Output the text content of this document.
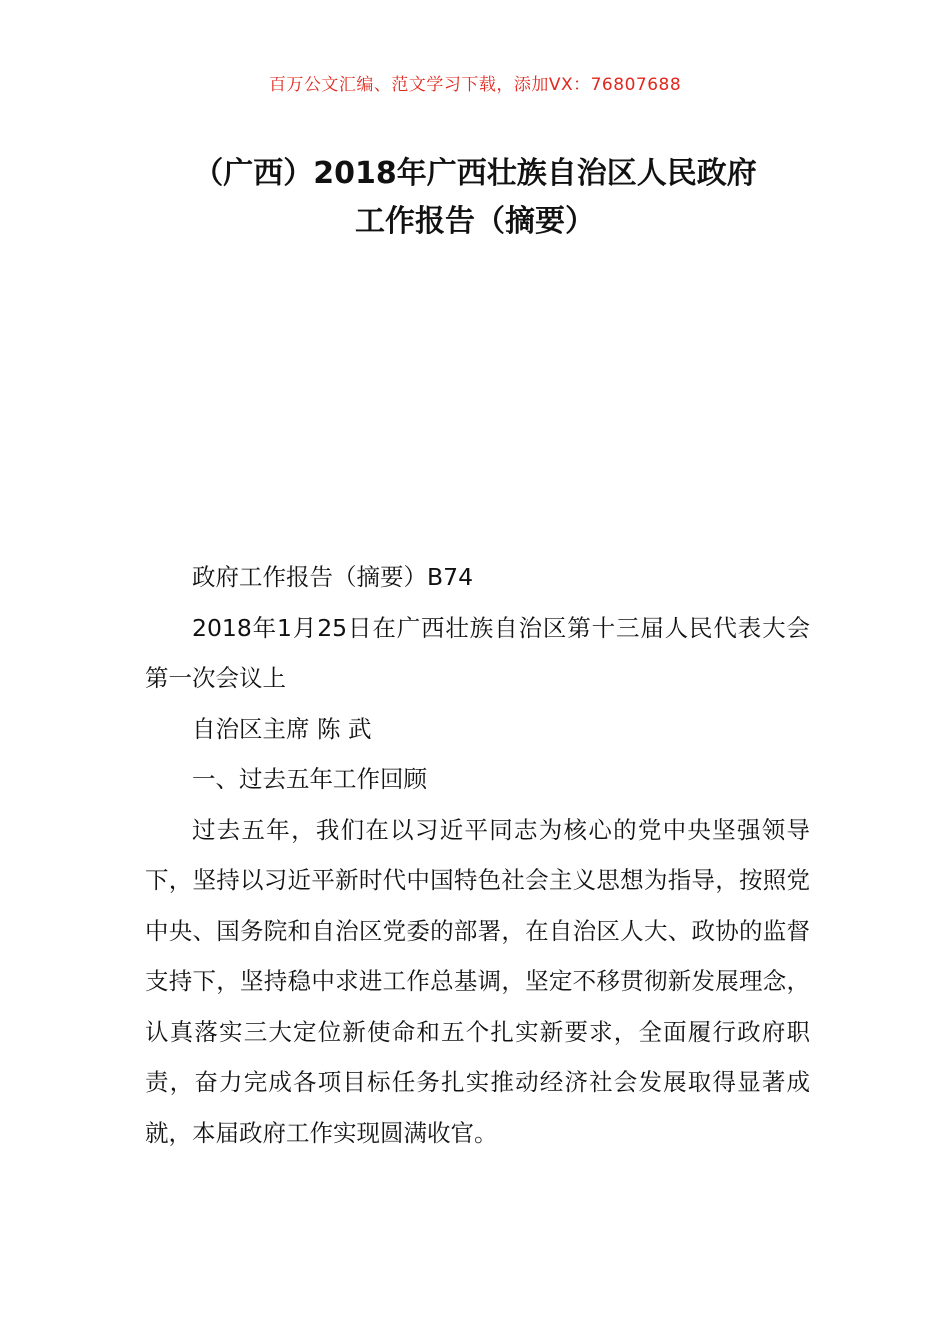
百万公文汇编、范文学习下载，添加VX：76807688
（广西）2018年广西壮族自治区人民政府
工作报告（摘要）

政府工作报告（摘要）B74

2018年1月25日在广西壮族自治区第十三届人民代表大会第一次会议上

自治区主席 陈 武

一、过去五年工作回顾

过去五年，我们在以习近平同志为核心的党中央坚强领导下，坚持以习近平新时代中国特色社会主义思想为指导，按照党中央、国务院和自治区党委的部署，在自治区人大、政协的监督支持下，坚持稳中求进工作总基调，坚定不移贯彻新发展理念，认真落实三大定位新使命和五个扎实新要求，全面履行政府职责，奋力完成各项目标任务扎实推动经济社会发展取得显著成就，本届政府工作实现圆满收官。
